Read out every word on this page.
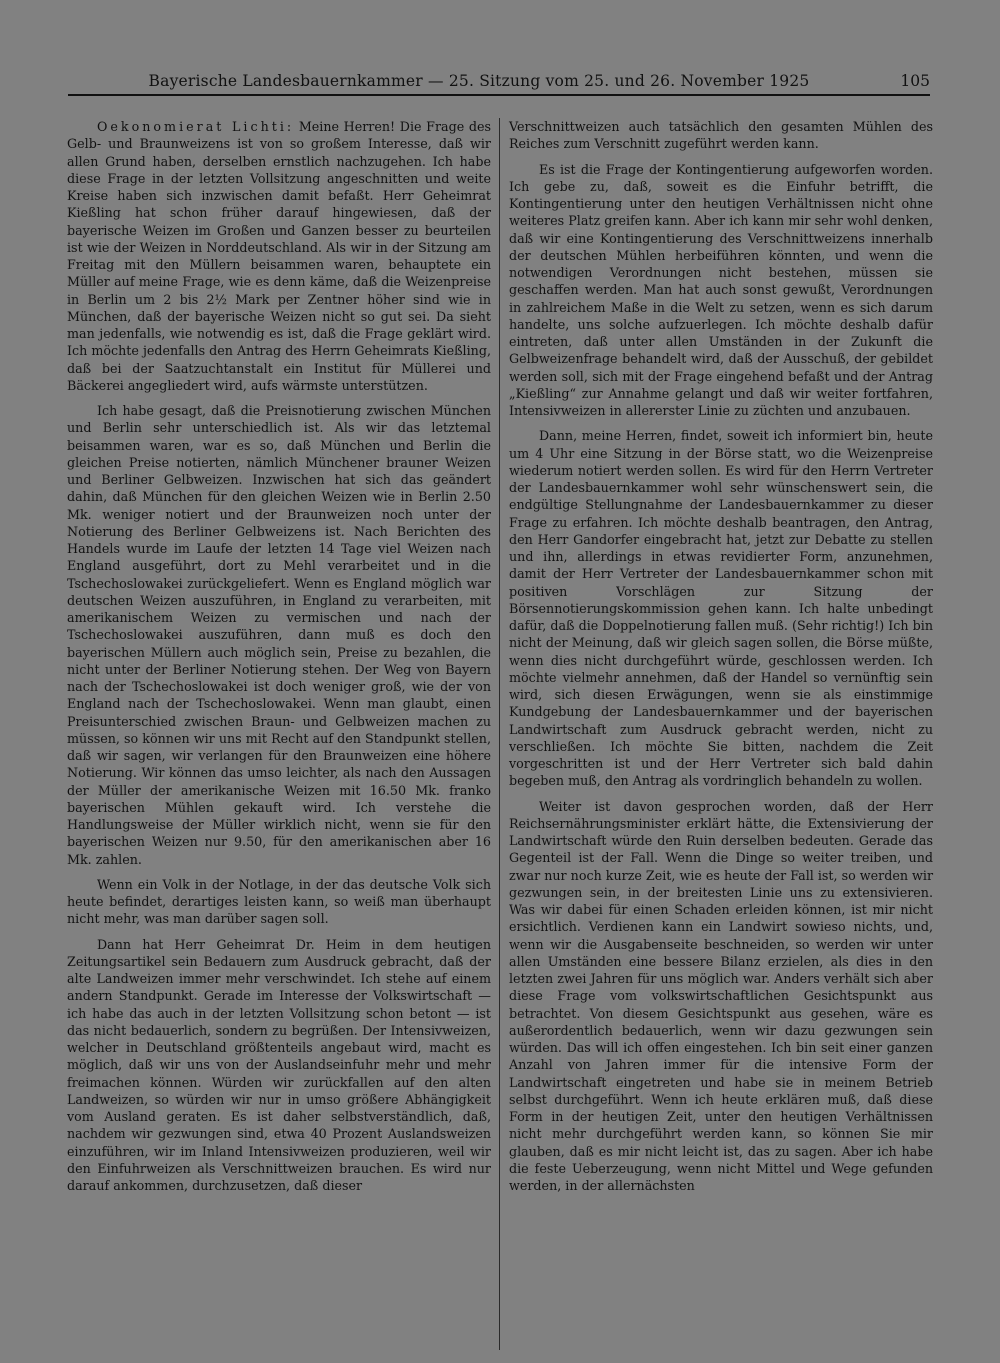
Bayerische Landesbauernkammer — 25. Sitzung vom 25. und 26. November 1925	105

Oekonomierat Lichti: Meine Herren! Die Frage des Gelb- und Braunweizens ist von so großem Interesse, daß wir allen Grund haben, derselben ernstlich nachzugehen. Ich habe diese Frage in der letzten Vollsitzung angeschnitten und weite Kreise haben sich inzwischen damit befaßt. Herr Geheimrat Kießling hat schon früher darauf hingewiesen, daß der bayerische Weizen im Großen und Ganzen besser zu beurteilen ist wie der Weizen in Norddeutschland. Als wir in der Sitzung am Freitag mit den Müllern beisammen waren, behauptete ein Müller auf meine Frage, wie es denn käme, daß die Weizenpreise in Berlin um 2 bis 2½ Mark per Zentner höher sind wie in München, daß der bayerische Weizen nicht so gut sei. Da sieht man jedenfalls, wie notwendig es ist, daß die Frage geklärt wird. Ich möchte jedenfalls den Antrag des Herrn Geheimrats Kießling, daß bei der Saatzuchtanstalt ein Institut für Müllerei und Bäckerei angegliedert wird, aufs wärmste unterstützen.

Ich habe gesagt, daß die Preisnotierung zwischen München und Berlin sehr unterschiedlich ist. Als wir das letztemal beisammen waren, war es so, daß München und Berlin die gleichen Preise notierten, nämlich Münchener brauner Weizen und Berliner Gelbweizen. Inzwischen hat sich das geändert dahin, daß München für den gleichen Weizen wie in Berlin 2.50 Mk. weniger notiert und der Braunweizen noch unter der Notierung des Berliner Gelbweizens ist. Nach Berichten des Handels wurde im Laufe der letzten 14 Tage viel Weizen nach England ausgeführt, dort zu Mehl verarbeitet und in die Tschechoslowakei zurückgeliefert. Wenn es England möglich war deutschen Weizen auszuführen, in England zu verarbeiten, mit amerikanischem Weizen zu vermischen und nach der Tschechoslowakei auszuführen, dann muß es doch den bayerischen Müllern auch möglich sein, Preise zu bezahlen, die nicht unter der Berliner Notierung stehen. Der Weg von Bayern nach der Tschechoslowakei ist doch weniger groß, wie der von England nach der Tschechoslowakei. Wenn man glaubt, einen Preisunterschied zwischen Braun- und Gelbweizen machen zu müssen, so können wir uns mit Recht auf den Standpunkt stellen, daß wir sagen, wir verlangen für den Braunweizen eine höhere Notierung. Wir können das umso leichter, als nach den Aussagen der Müller der amerikanische Weizen mit 16.50 Mk. franko bayerischen Mühlen gekauft wird. Ich verstehe die Handlungsweise der Müller wirklich nicht, wenn sie für den bayerischen Weizen nur 9.50, für den amerikanischen aber 16 Mk. zahlen.

Wenn ein Volk in der Notlage, in der das deutsche Volk sich heute befindet, derartiges leisten kann, so weiß man überhaupt nicht mehr, was man darüber sagen soll.

Dann hat Herr Geheimrat Dr. Heim in dem heutigen Zeitungsartikel sein Bedauern zum Ausdruck gebracht, daß der alte Landweizen immer mehr verschwindet. Ich stehe auf einem andern Standpunkt. Gerade im Interesse der Volkswirtschaft — ich habe das auch in der letzten Vollsitzung schon betont — ist das nicht bedauerlich, sondern zu begrüßen. Der Intensivweizen, welcher in Deutschland größtenteils angebaut wird, macht es möglich, daß wir uns von der Auslandseinfuhr mehr und mehr freimachen können. Würden wir zurückfallen auf den alten Landweizen, so würden wir nur in umso größere Abhängigkeit vom Ausland geraten. Es ist daher selbstverständlich, daß, nachdem wir gezwungen sind, etwa 40 Prozent Auslandsweizen einzuführen, wir im Inland Intensivweizen produzieren, weil wir den Einfuhrweizen als Verschnittweizen brauchen. Es wird nur darauf ankommen, durchzusetzen, daß dieser

Verschnittweizen auch tatsächlich den gesamten Mühlen des Reiches zum Verschnitt zugeführt werden kann.

Es ist die Frage der Kontingentierung aufgeworfen worden. Ich gebe zu, daß, soweit es die Einfuhr betrifft, die Kontingentierung unter den heutigen Verhältnissen nicht ohne weiteres Platz greifen kann. Aber ich kann mir sehr wohl denken, daß wir eine Kontingentierung des Verschnittweizens innerhalb der deutschen Mühlen herbeiführen könnten, und wenn die notwendigen Verordnungen nicht bestehen, müssen sie geschaffen werden. Man hat auch sonst gewußt, Verordnungen in zahlreichem Maße in die Welt zu setzen, wenn es sich darum handelte, uns solche aufzuerlegen. Ich möchte deshalb dafür eintreten, daß unter allen Umständen in der Zukunft die Gelbweizenfrage behandelt wird, daß der Ausschuß, der gebildet werden soll, sich mit der Frage eingehend befaßt und der Antrag „Kießling“ zur Annahme gelangt und daß wir weiter fortfahren, Intensivweizen in allererster Linie zu züchten und anzubauen.

Dann, meine Herren, findet, soweit ich informiert bin, heute um 4 Uhr eine Sitzung in der Börse statt, wo die Weizenpreise wiederum notiert werden sollen. Es wird für den Herrn Vertreter der Landesbauernkammer wohl sehr wünschenswert sein, die endgültige Stellungnahme der Landesbauernkammer zu dieser Frage zu erfahren. Ich möchte deshalb beantragen, den Antrag, den Herr Gandorfer eingebracht hat, jetzt zur Debatte zu stellen und ihn, allerdings in etwas revidierter Form, anzunehmen, damit der Herr Vertreter der Landesbauernkammer schon mit positiven Vorschlägen zur Sitzung der Börsennotierungskommission gehen kann. Ich halte unbedingt dafür, daß die Doppelnotierung fallen muß. (Sehr richtig!) Ich bin nicht der Meinung, daß wir gleich sagen sollen, die Börse müßte, wenn dies nicht durchgeführt würde, geschlossen werden. Ich möchte vielmehr annehmen, daß der Handel so vernünftig sein wird, sich diesen Erwägungen, wenn sie als einstimmige Kundgebung der Landesbauernkammer und der bayerischen Landwirtschaft zum Ausdruck gebracht werden, nicht zu verschließen. Ich möchte Sie bitten, nachdem die Zeit vorgeschritten ist und der Herr Vertreter sich bald dahin begeben muß, den Antrag als vordringlich behandeln zu wollen.

Weiter ist davon gesprochen worden, daß der Herr Reichsernährungsminister erklärt hätte, die Extensivierung der Landwirtschaft würde den Ruin derselben bedeuten. Gerade das Gegenteil ist der Fall. Wenn die Dinge so weiter treiben, und zwar nur noch kurze Zeit, wie es heute der Fall ist, so werden wir gezwungen sein, in der breitesten Linie uns zu extensivieren. Was wir dabei für einen Schaden erleiden können, ist mir nicht ersichtlich. Verdienen kann ein Landwirt sowieso nichts, und, wenn wir die Ausgabenseite beschneiden, so werden wir unter allen Umständen eine bessere Bilanz erzielen, als dies in den letzten zwei Jahren für uns möglich war. Anders verhält sich aber diese Frage vom volkswirtschaftlichen Gesichtspunkt aus betrachtet. Von diesem Gesichtspunkt aus gesehen, wäre es außerordentlich bedauerlich, wenn wir dazu gezwungen sein würden. Das will ich offen eingestehen. Ich bin seit einer ganzen Anzahl von Jahren immer für die intensive Form der Landwirtschaft eingetreten und habe sie in meinem Betrieb selbst durchgeführt. Wenn ich heute erklären muß, daß diese Form in der heutigen Zeit, unter den heutigen Verhältnissen nicht mehr durchgeführt werden kann, so können Sie mir glauben, daß es mir nicht leicht ist, das zu sagen. Aber ich habe die feste Ueberzeugung, wenn nicht Mittel und Wege gefunden werden, in der allernächsten
